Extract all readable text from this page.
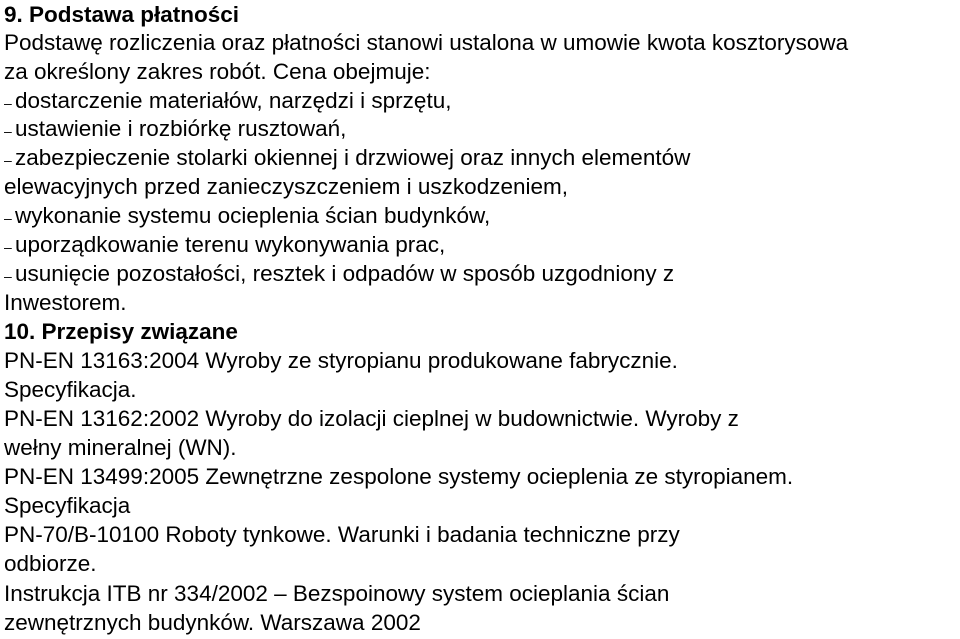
9. Podstawa płatności
Podstawę rozliczenia oraz płatności stanowi ustalona w umowie kwota kosztorysowa
za określony zakres robót. Cena obejmuje:
– dostarczenie materiałów, narzędzi i sprzętu,
– ustawienie i rozbiórkę rusztowań,
– zabezpieczenie stolarki okiennej i drzwiowej oraz innych elementów
elewacyjnych przed zanieczyszczeniem i uszkodzeniem,
– wykonanie systemu ocieplenia ścian budynków,
– uporządkowanie terenu wykonywania prac,
– usunięcie pozostałości, resztek i odpadów w sposób uzgodniony z
Inwestorem.
10. Przepisy związane
PN-EN 13163:2004 Wyroby ze styropianu produkowane fabrycznie.
Specyfikacja.
PN-EN 13162:2002 Wyroby do izolacji cieplnej w budownictwie. Wyroby z
wełny mineralnej (WN).
PN-EN 13499:2005 Zewnętrzne zespolone systemy ocieplenia ze styropianem.
Specyfikacja
PN-70/B-10100 Roboty tynkowe. Warunki i badania techniczne przy
odbiorze.
Instrukcja ITB nr 334/2002 – Bezspoinowy system ocieplania ścian
zewnętrznych budynków. Warszawa 2002
